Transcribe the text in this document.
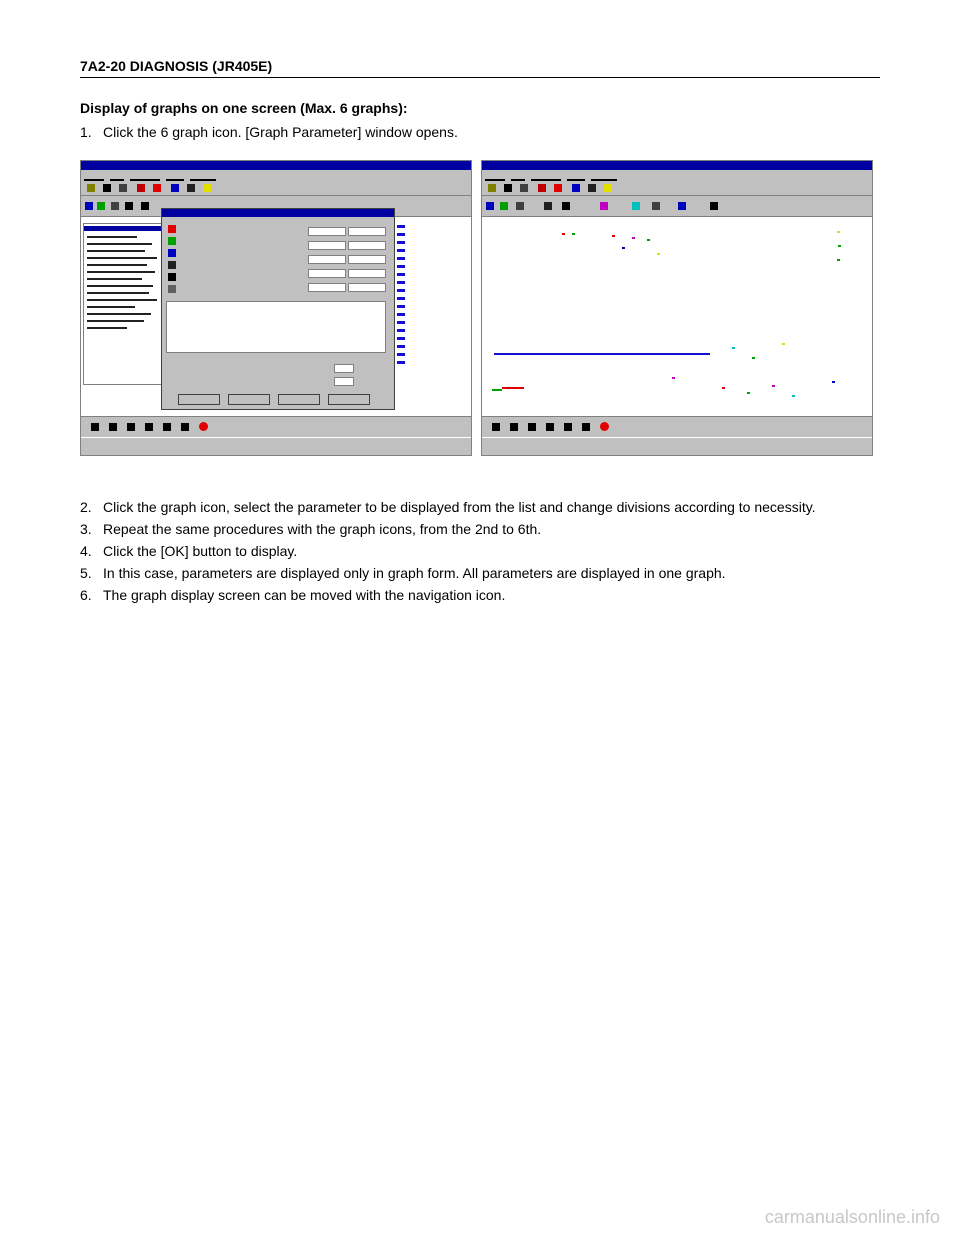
7A2-20 DIAGNOSIS (JR405E)
Display of graphs on one screen (Max. 6 graphs):
1. Click the 6 graph icon. [Graph Parameter] window opens.
2. Click the graph icon, select the parameter to be displayed from the list and change divisions according to necessity.
3. Repeat the same procedures with the graph icons, from the 2nd to 6th.
4. Click the [OK] button to display.
5. In this case, parameters are displayed only in graph form. All parameters are displayed in one graph.
6. The graph display screen can be moved with the navigation icon.
carmanualsonline.info
